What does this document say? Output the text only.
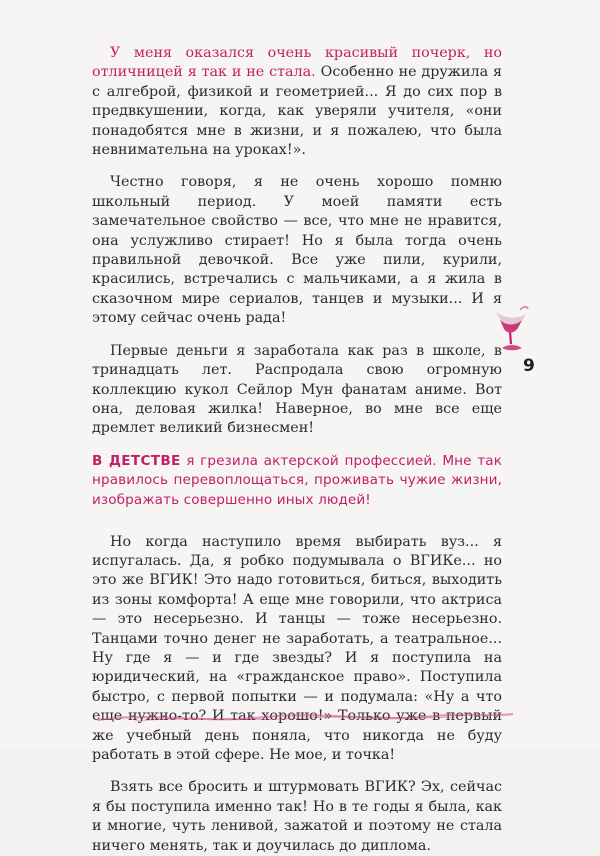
У меня оказался очень красивый почерк, но отличницей я так и не стала. Особенно не дружила я с алгеброй, физикой и геометрией... Я до сих пор в предвкушении, когда, как уверяли учителя, «они понадобятся мне в жизни, и я пожалею, что была невнимательна на уроках!».

Честно говоря, я не очень хорошо помню школьный период. У моей памяти есть замечательное свойство — все, что мне не нравится, она услужливо стирает! Но я была тогда очень правильной девочкой. Все уже пили, курили, красились, встречались с мальчиками, а я жила в сказочном мире сериалов, танцев и музыки... И я этому сейчас очень рада!

Первые деньги я заработала как раз в школе, в тринадцать лет. Распродала свою огромную коллекцию кукол Сейлор Мун фанатам аниме. Вот она, деловая жилка! Наверное, во мне все еще дремлет великий бизнесмен!

В ДЕТСТВЕ я грезила актерской профессией. Мне так нравилось перевоплощаться, проживать чужие жизни, изображать совершенно иных людей!

Но когда наступило время выбирать вуз... я испугалась. Да, я робко подумывала о ВГИКе... но это же ВГИК! Это надо готовиться, биться, выходить из зоны комфорта! А еще мне говорили, что актриса — это несерьезно. И танцы — тоже несерьезно. Танцами точно денег не заработать, а театральное... Ну где я — и где звезды? И я поступила на юридический, на «гражданское право». Поступила быстро, с первой попытки — и подумала: «Ну а что еще нужно-то? И так хорошо!» Только уже в первый же учебный день поняла, что никогда не буду работать в этой сфере. Не мое, и точка!

Взять все бросить и штурмовать ВГИК? Эх, сейчас я бы поступила именно так! Но в те годы я была, как и многие, чуть ленивой, зажатой и поэтому не стала ничего менять, так и доучилась до диплома.

9
